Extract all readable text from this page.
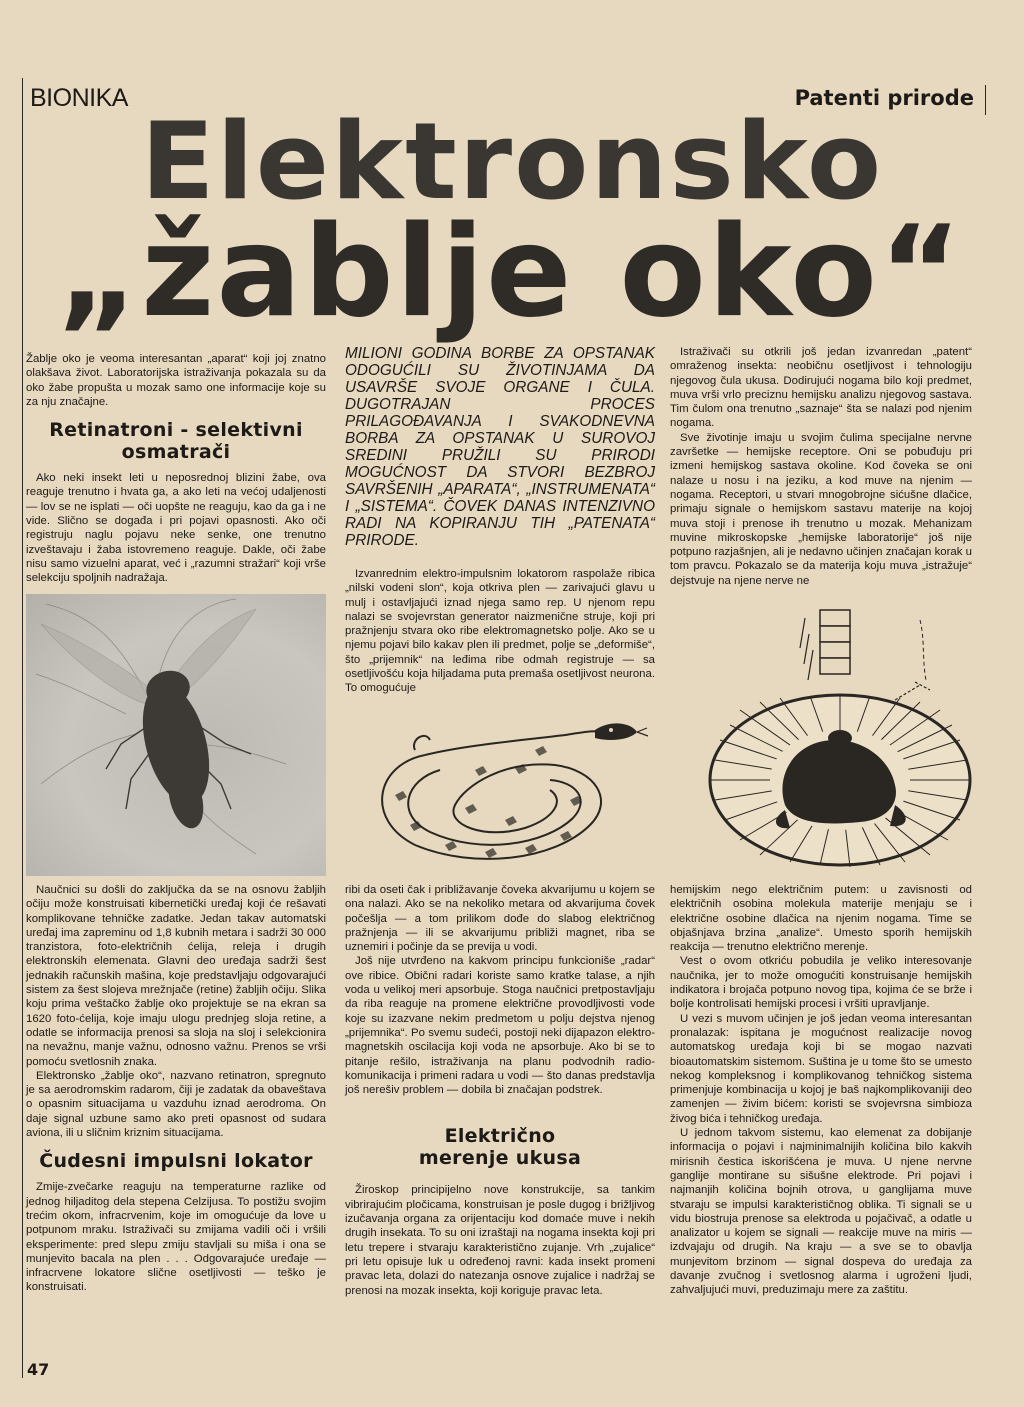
BIONIKA	Patenti prirode
Elektronsko
„žablje oko“

Žablje oko je veoma interesantan „aparat“ koji joj znatno olakšava život. Laboratorijska istraživanja pokazala su da oko žabe propušta u mozak samo one informacije koje su za nju značajne.

Retinatroni - selektivni osmatrači

Ako neki insekt leti u neposrednoj blizini žabe, ova reaguje trenutno i hvata ga, a ako leti na većoj udaljenosti — lov se ne isplati — oči uopšte ne reaguju, kao da ga i ne vide. Slično se događa i pri pojavi opasnosti. Ako oči registruju naglu pojavu neke senke, one trenutno izveštavaju i žaba istovremeno reaguje. Dakle, oči žabe nisu samo vizuelni aparat, već i „razumni stražari“ koji vrše selekciju spoljnih nadražaja.

Naučnici su došli do zaključka da se na osnovu žabljih očiju može konstruisati kibernetički uređaj koji će rešavati komplikovane tehničke zadatke. Jedan takav automatski uređaj ima zapreminu od 1,8 kubnih metara i sadrži 30 000 tranzistora, foto-električnih ćelija, releja i drugih elektronskih elemenata. Glavni deo uređaja sadrži šest jednakih računskih mašina, koje predstavljaju odgovarajući sistem za šest slojeva mrežnjače (retine) žabljih očiju. Slika koju prima veštačko žablje oko projektuje se na ekran sa 1620 foto-ćelija, koje imaju ulogu prednjeg sloja retine, a odatle se informacija prenosi sa sloja na sloj i selekcionira na nevažnu, manje važnu, odnosno važnu. Prenos se vrši pomoću svetlosnih znaka.

Elektronsko „žablje oko“, nazvano retinatron, spregnuto je sa aerodromskim radarom, čiji je zadatak da obaveštava o opasnim situacijama u vazduhu iznad aerodroma. On daje signal uzbune samo ako preti opasnost od sudara aviona, ili u sličnim kriznim situacijama.

Čudesni impulsni lokator

Zmije-zvečarke reaguju na temperaturne razlike od jednog hiljaditog dela stepena Celzijusa. To postižu svojim trećim okom, infracrvenim, koje im omogućuje da love u potpunom mraku. Istraživači su zmijama vadili oči i vršili eksperimente: pred slepu zmiju stavljali su miša i ona se munjevito bacala na plen . . . Odgovarajuće uređaje — infracrvene lokatore slične osetljivosti — teško je konstruisati.

MILIONI GODINA BORBE ZA OPSTANAK ODOGUĆILI SU ŽIVOTINJAMA DA USAVRŠE SVOJE ORGANE I ČULA. DUGOTRAJAN PROCES PRILAGOĐAVANJA I SVAKODNEVNA BORBA ZA OPSTANAK U SUROVOJ SREDINI PRUŽILI SU PRIRODI MOGUĆNOST DA STVORI BEZBROJ SAVRŠENIH „APARATA“, „INSTRUMENATA“ I „SISTEMA“. ČOVEK DANAS INTENZIVNO RADI NA KOPIRANJU TIH „PATENATA“ PRIRODE.

Izvanrednim elektro-impulsnim lokatorom raspolaže ribica „nilski vodeni slon“, koja otkriva plen — zarivajući glavu u mulj i ostavljajući iznad njega samo rep. U njenom repu nalazi se svojevrstan generator naizmenične struje, koji pri pražnjenju stvara oko ribe elektromagnetsko polje. Ako se u njemu pojavi bilo kakav plen ili predmet, polje se „deformiše“, što „prijemnik“ na leđima ribe odmah registruje — sa osetljivošću koja hiljadama puta premaša osetljivost neurona. To omogućuje

ribi da oseti čak i približavanje čoveka akvarijumu u kojem se ona nalazi. Ako se na nekoliko metara od akvarijuma čovek počešlja — a tom prilikom dođe do slabog električnog pražnjenja — ili se akvarijumu približi magnet, riba se uznemiri i počinje da se previja u vodi.

Još nije utvrđeno na kakvom principu funkcioniše „radar“ ove ribice. Obični radari koriste samo kratke talase, a njih voda u velikoj meri apsorbuje. Stoga naučnici pretpostavljaju da riba reaguje na promene električne provodljivosti vode koje su izazvane nekim predmetom u polju dejstva njenog „prijemnika“. Po svemu sudeći, postoji neki dijapazon elektro-magnetskih oscilacija koji voda ne apsorbuje. Ako bi se to pitanje rešilo, istraživanja na planu podvodnih radio-komunikacija i primeni radara u vodi — što danas predstavlja još nerešiv problem — dobila bi značajan podstrek.

Električno merenje ukusa

Žiroskop principijelno nove konstrukcije, sa tankim vibrirajućim pločicama, konstruisan je posle dugog i brižljivog izučavanja organa za orijentaciju kod domaće muve i nekih drugih insekata. To su oni izraštaji na nogama insekta koji pri letu trepere i stvaraju karakteristično zujanje. Vrh „zujalice“ pri letu opisuje luk u određenoj ravni: kada insekt promeni pravac leta, dolazi do natezanja osnove zujalice i nadržaj se prenosi na mozak insekta, koji koriguje pravac leta.

Istraživači su otkrili još jedan izvanredan „patent“ omraženog insekta: neobičnu osetljivost i tehnologiju njegovog čula ukusa. Dodirujući nogama bilo koji predmet, muva vrši vrlo preciznu hemijsku analizu njegovog sastava. Tim čulom ona trenutno „saznaje“ šta se nalazi pod njenim nogama.

Sve životinje imaju u svojim čulima specijalne nervne završetke — hemijske receptore. Oni se pobuđuju pri izmeni hemijskog sastava okoline. Kod čoveka se oni nalaze u nosu i na jeziku, a kod muve na njenim — nogama. Receptori, u stvari mnogobrojne sićušne dlačice, primaju signale o hemijskom sastavu materije na kojoj muva stoji i prenose ih trenutno u mozak. Mehanizam muvine mikroskopske „hemijske laboratorije“ još nije potpuno razjašnjen, ali je nedavno učinjen značajan korak u tom pravcu. Pokazalo se da materija koju muva „istražuje“ dejstvuje na njene nerve ne

hemijskim nego električnim putem: u zavisnosti od električnih osobina molekula materije menjaju se i električne osobine dlačica na njenim nogama. Time se objašnjava brzina „analize“. Umesto sporih hemijskih reakcija — trenutno električno merenje.

Vest o ovom otkriću pobudila je veliko interesovanje naučnika, jer to može omogućiti konstruisanje hemijskih indikatora i brojača potpuno novog tipa, kojima će se brže i bolje kontrolisati hemijski procesi i vršiti upravljanje.

U vezi s muvom učinjen je još jedan veoma interesantan pronalazak: ispitana je mogućnost realizacije novog automatskog uređaja koji bi se mogao nazvati bioautomatskim sistemom. Suština je u tome što se umesto nekog kompleksnog i komplikovanog tehničkog sistema primenjuje kombinacija u kojoj je baš najkomplikovaniji deo zamenjen — živim bićem: koristi se svojevrsna simbioza živog bića i tehničkog uređaja.

U jednom takvom sistemu, kao elemenat za dobijanje informacija o pojavi i najminimalnijih količina bilo kakvih mirisnih čestica iskorišćena je muva. U njene nervne ganglije montirane su sišušne elektrode. Pri pojavi i najmanjih količina bojnih otrova, u ganglijama muve stvaraju se impulsi karakterističnog oblika. Ti signali se u vidu biostruja prenose sa elektroda u pojačivač, a odatle u analizator u kojem se signali — reakcije muve na miris — izdvajaju od drugih. Na kraju — a sve se to obavlja munjevitom brzinom — signal dospeva do uređaja za davanje zvučnog i svetlosnog alarma i ugroženi ljudi, zahvaljujući muvi, preduzimaju mere za zaštitu.

47
